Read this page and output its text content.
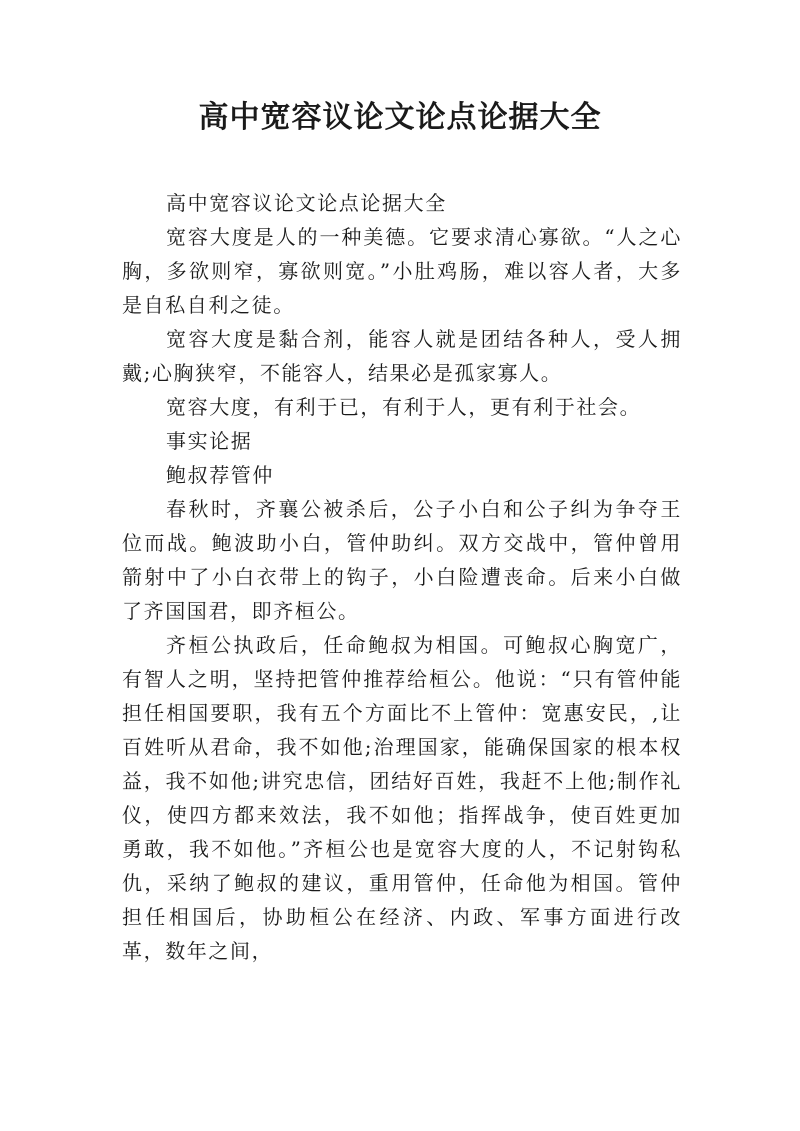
高中宽容议论文论点论据大全

高中宽容议论文论点论据大全

宽容大度是人的一种美德。它要求清心寡欲。“人之心胸，多欲则窄，寡欲则宽。”小肚鸡肠，难以容人者，大多是自私自利之徒。

宽容大度是黏合剂，能容人就是团结各种人，受人拥戴;心胸狭窄，不能容人，结果必是孤家寡人。

宽容大度，有利于已，有利于人，更有利于社会。

事实论据

鲍叔荐管仲

春秋时，齐襄公被杀后，公子小白和公子纠为争夺王位而战。鲍波助小白，管仲助纠。双方交战中，管仲曾用箭射中了小白衣带上的钩子，小白险遭丧命。后来小白做了齐国国君，即齐桓公。

齐桓公执政后，任命鲍叔为相国。可鲍叔心胸宽广，有智人之明，坚持把管仲推荐给桓公。他说：“只有管仲能担任相国要职，我有五个方面比不上管仲：宽惠安民，,让百姓听从君命，我不如他;治理国家，能确保国家的根本权益，我不如他;讲究忠信，团结好百姓，我赶不上他;制作礼仪，使四方都来效法，我不如他；指挥战争，使百姓更加勇敢，我不如他。”齐桓公也是宽容大度的人，不记射钩私仇，采纳了鲍叔的建议，重用管仲，任命他为相国。管仲担任相国后，协助桓公在经济、内政、军事方面进行改革，数年之间，
